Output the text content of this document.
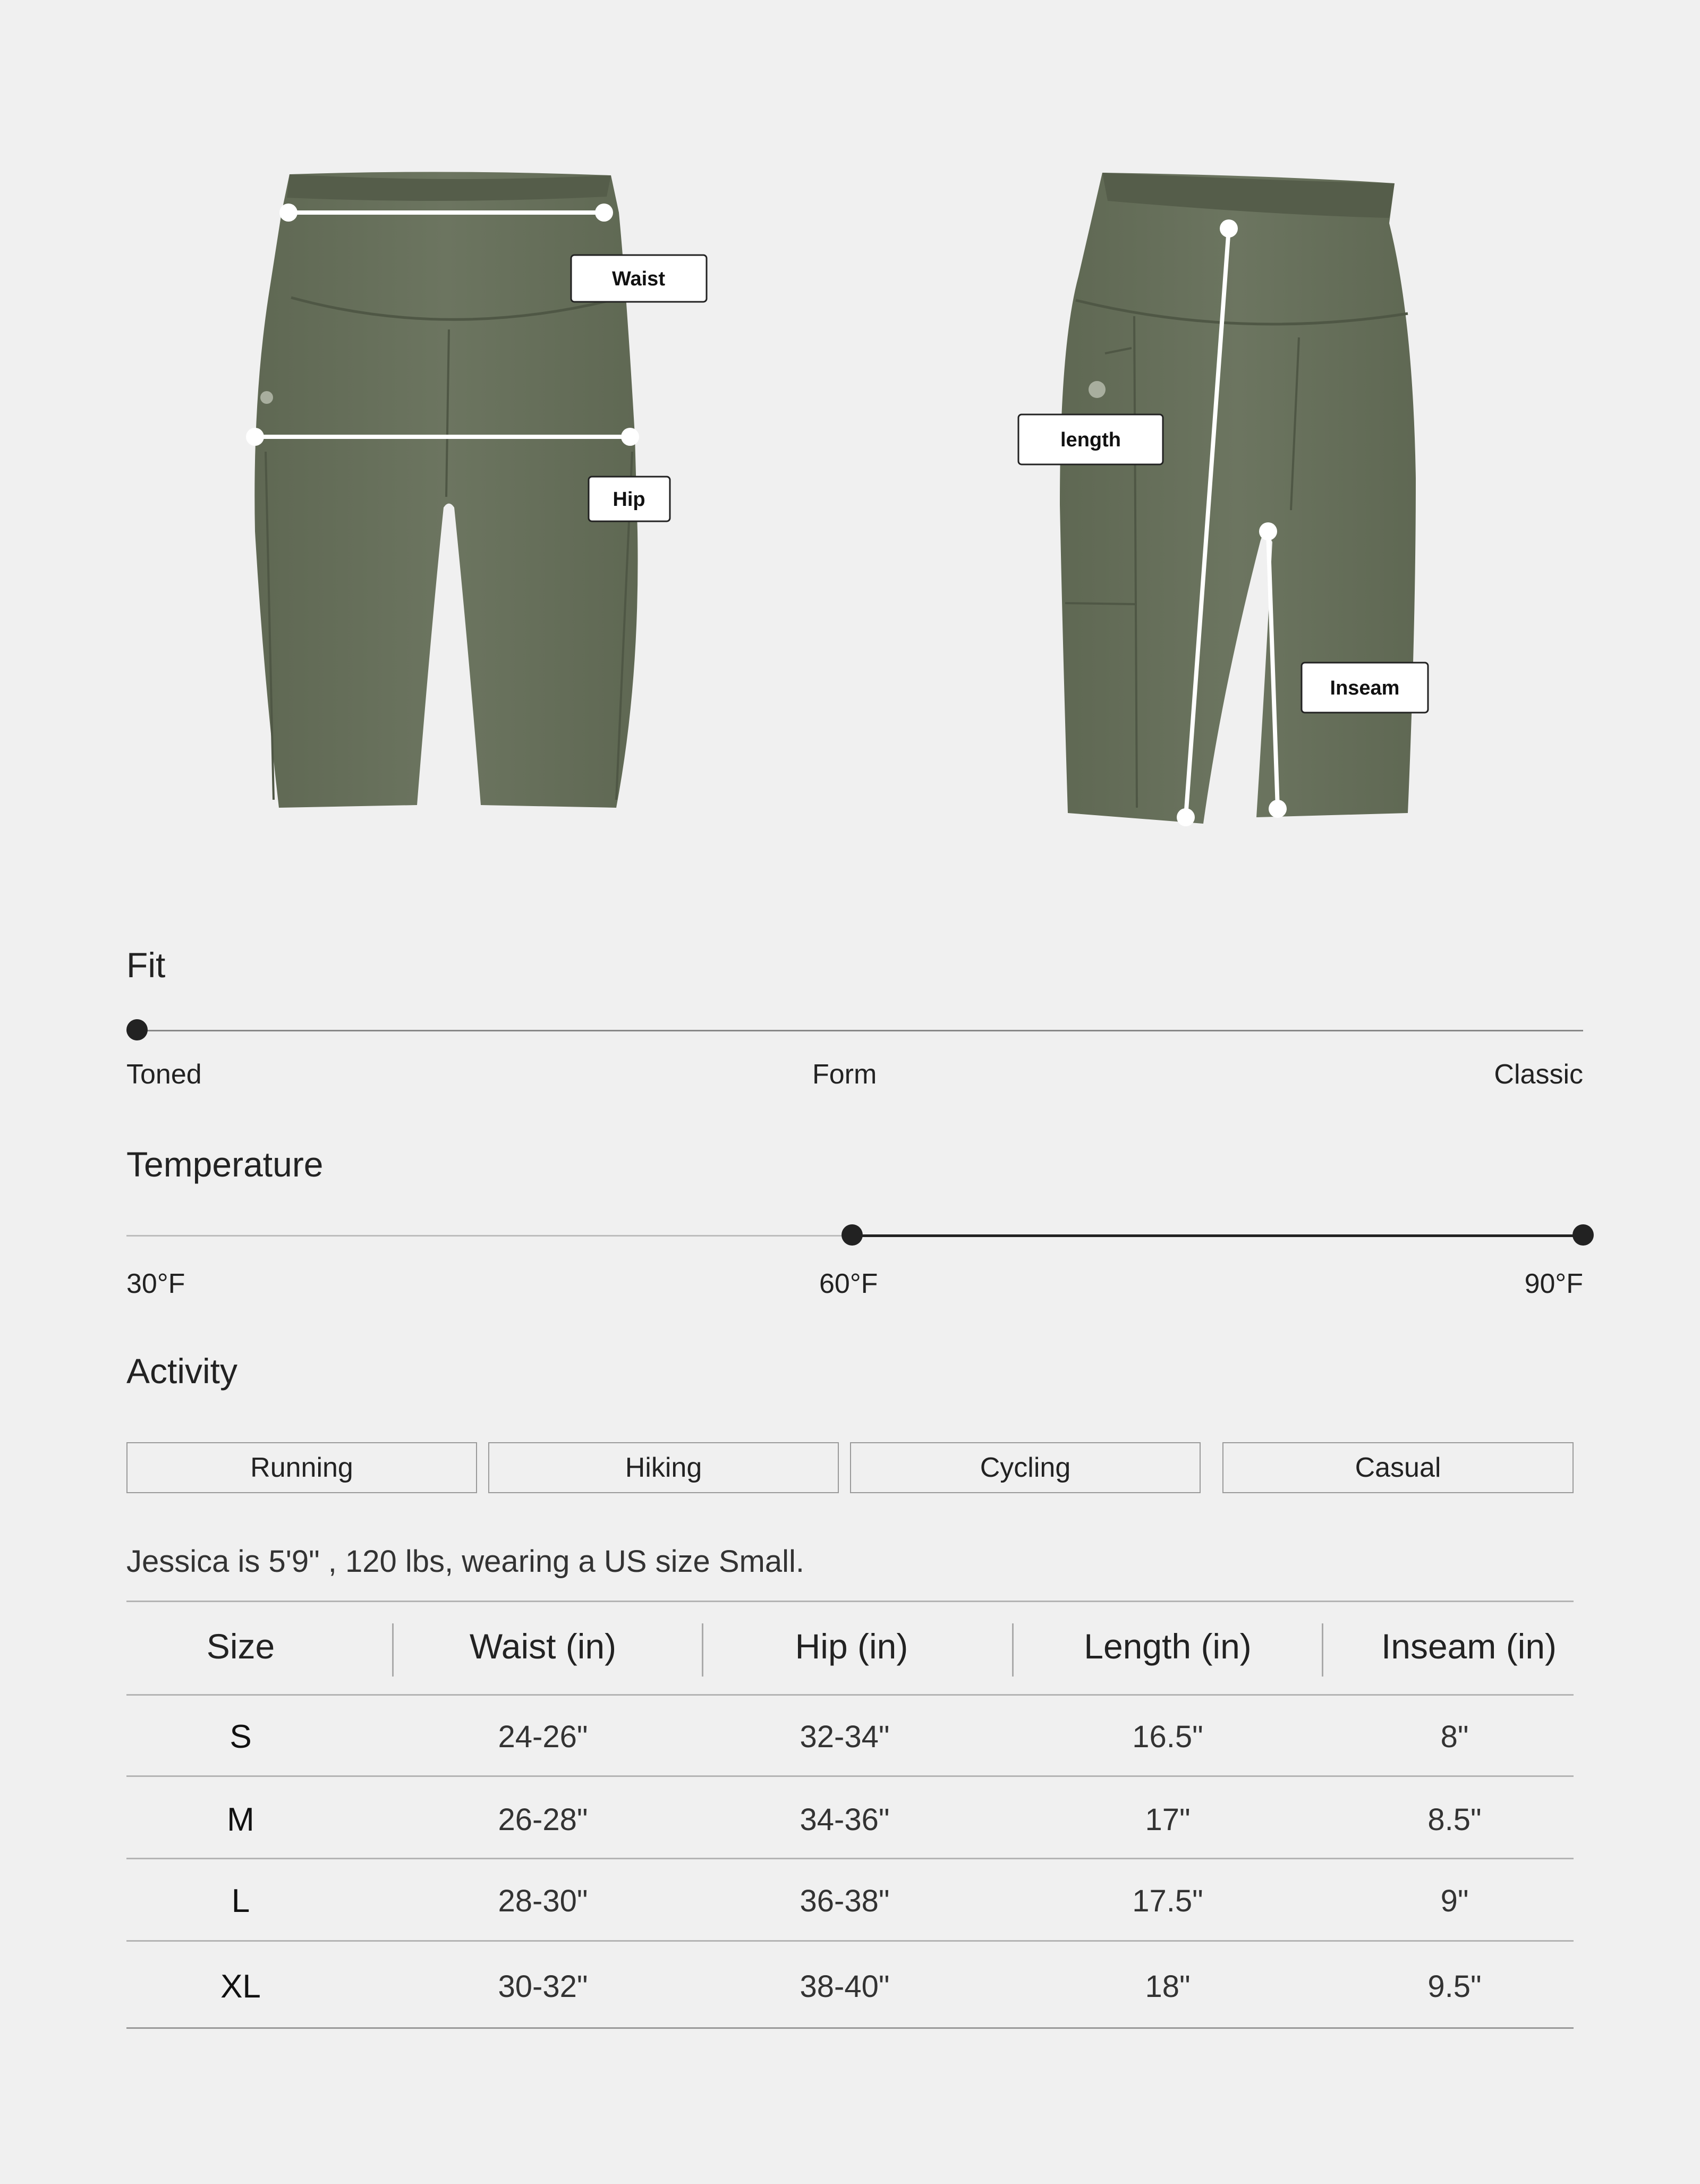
Waist
Hip
length
Inseam
Fit
Toned	Form	Classic
Temperature
30°F	60°F	90°F
Activity
Running	Hiking	Cycling	Casual
Jessica is 5'9" , 120 lbs, wearing a US size Small.
Size	Waist (in)	Hip (in)	Length (in)	Inseam (in)
S	24-26"	32-34"	16.5"	8"
M	26-28"	34-36"	17"	8.5"
L	28-30"	36-38"	17.5"	9"
XL	30-32"	38-40"	18"	9.5"
